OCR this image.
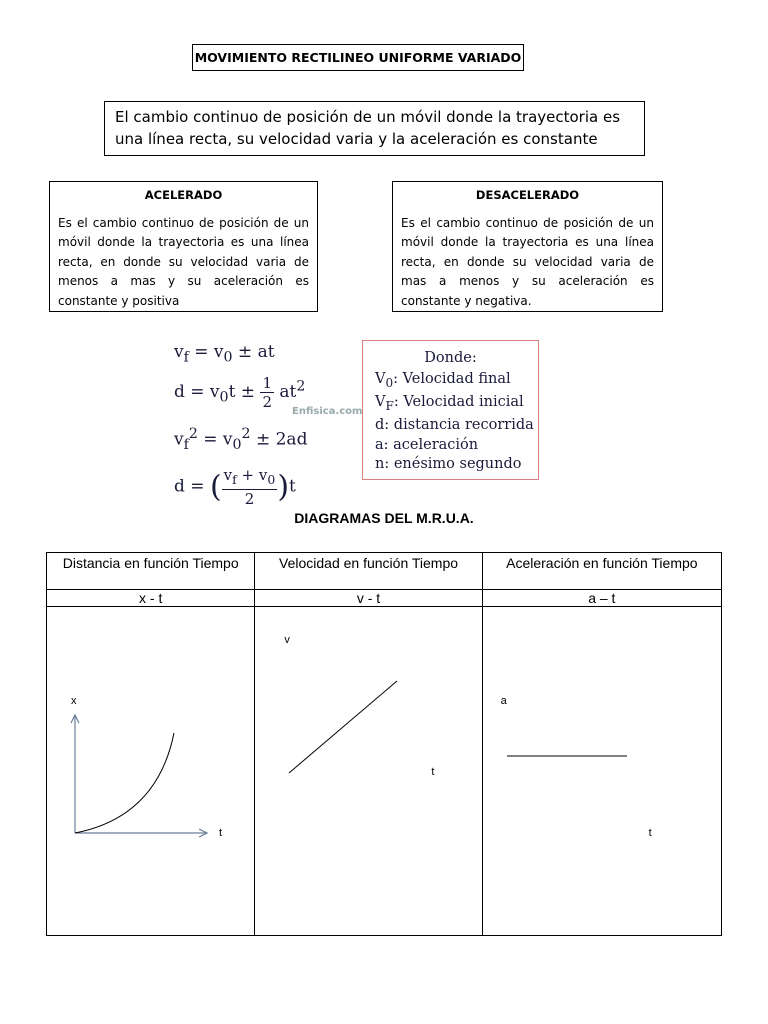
MOVIMIENTO RECTILINEO UNIFORME VARIADO
El cambio continuo de posición de un móvil donde la trayectoria es una línea recta, su velocidad varia y la aceleración es constante
ACELERADO
Es el cambio continuo de posición de un móvil donde la trayectoria es una línea recta, en donde su velocidad varia de menos a mas y su aceleración es constante y positiva
DESACELERADO
Es el cambio continuo de posición de un móvil donde la trayectoria es una línea recta, en donde su velocidad varia de mas a menos y su aceleración es constante y negativa.
$v_f = v_0$ ± at
$d = v_0t \pm \frac{1}{2} at^2$
$v_f^2 = v_0^2 \pm 2ad$
d = ( $\frac{v_f + v_0}{2} )t$
Enfisica.com
Donde:
$V_0$: Velocidad final
$V_F$: Velocidad inicial
d: distancia recorrida
a: aceleración
n: enésimo segundo
DIAGRAMAS DEL M.R.U.A.
Distancia en función Tiempo	Velocidad en función Tiempo	Aceleración en función Tiempo
x - t	v - t	a – t

x
t	v
t	a
t
